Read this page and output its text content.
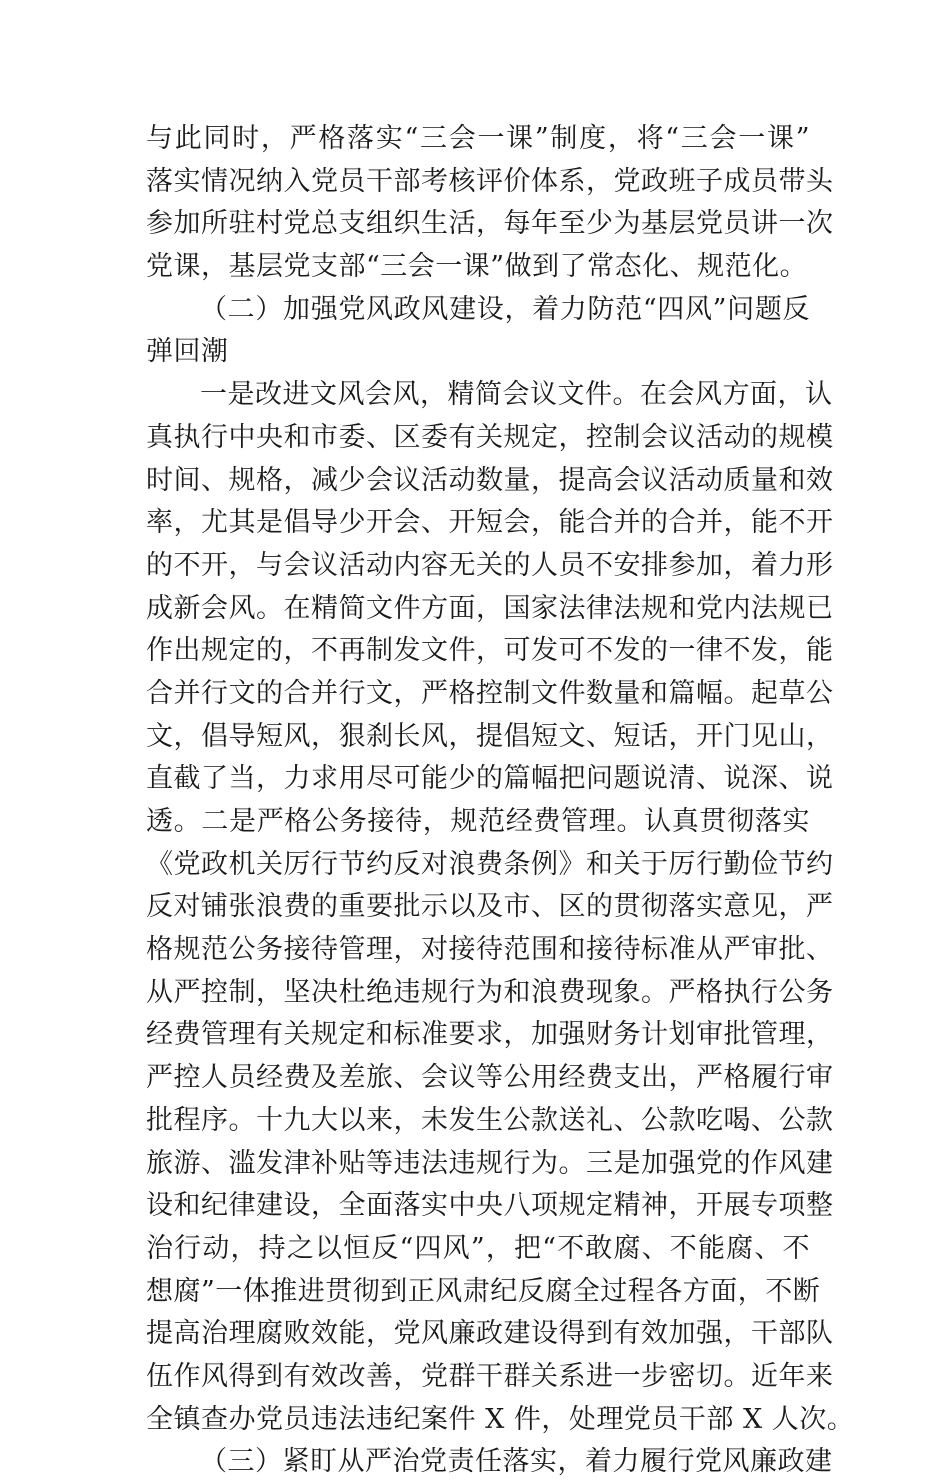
与此同时，严格落实“三会一课”制度，将“三会一课”
落实情况纳入党员干部考核评价体系，党政班子成员带头
参加所驻村党总支组织生活，每年至少为基层党员讲一次
党课，基层党支部“三会一课”做到了常态化、规范化。
（二）加强党风政风建设，着力防范“四风”问题反
弹回潮
一是改进文风会风，精简会议文件。在会风方面，认
真执行中央和市委、区委有关规定，控制会议活动的规模
时间、规格，减少会议活动数量，提高会议活动质量和效
率，尤其是倡导少开会、开短会，能合并的合并，能不开
的不开，与会议活动内容无关的人员不安排参加，着力形
成新会风。在精简文件方面，国家法律法规和党内法规已
作出规定的，不再制发文件，可发可不发的一律不发，能
合并行文的合并行文，严格控制文件数量和篇幅。起草公
文，倡导短风，狠刹长风，提倡短文、短话，开门见山，
直截了当，力求用尽可能少的篇幅把问题说清、说深、说
透。二是严格公务接待，规范经费管理。认真贯彻落实
《党政机关厉行节约反对浪费条例》和关于厉行勤俭节约
反对铺张浪费的重要批示以及市、区的贯彻落实意见，严
格规范公务接待管理，对接待范围和接待标准从严审批、
从严控制，坚决杜绝违规行为和浪费现象。严格执行公务
经费管理有关规定和标准要求，加强财务计划审批管理，
严控人员经费及差旅、会议等公用经费支出，严格履行审
批程序。十九大以来，未发生公款送礼、公款吃喝、公款
旅游、滥发津补贴等违法违规行为。三是加强党的作风建
设和纪律建设，全面落实中央八项规定精神，开展专项整
治行动，持之以恒反“四风”，把“不敢腐、不能腐、不
想腐”一体推进贯彻到正风肃纪反腐全过程各方面，不断
提高治理腐败效能，党风廉政建设得到有效加强，干部队
伍作风得到有效改善，党群干群关系进一步密切。近年来
全镇查办党员违法违纪案件 X 件，处理党员干部 X 人次。
（三）紧盯从严治党责任落实，着力履行党风廉政建
